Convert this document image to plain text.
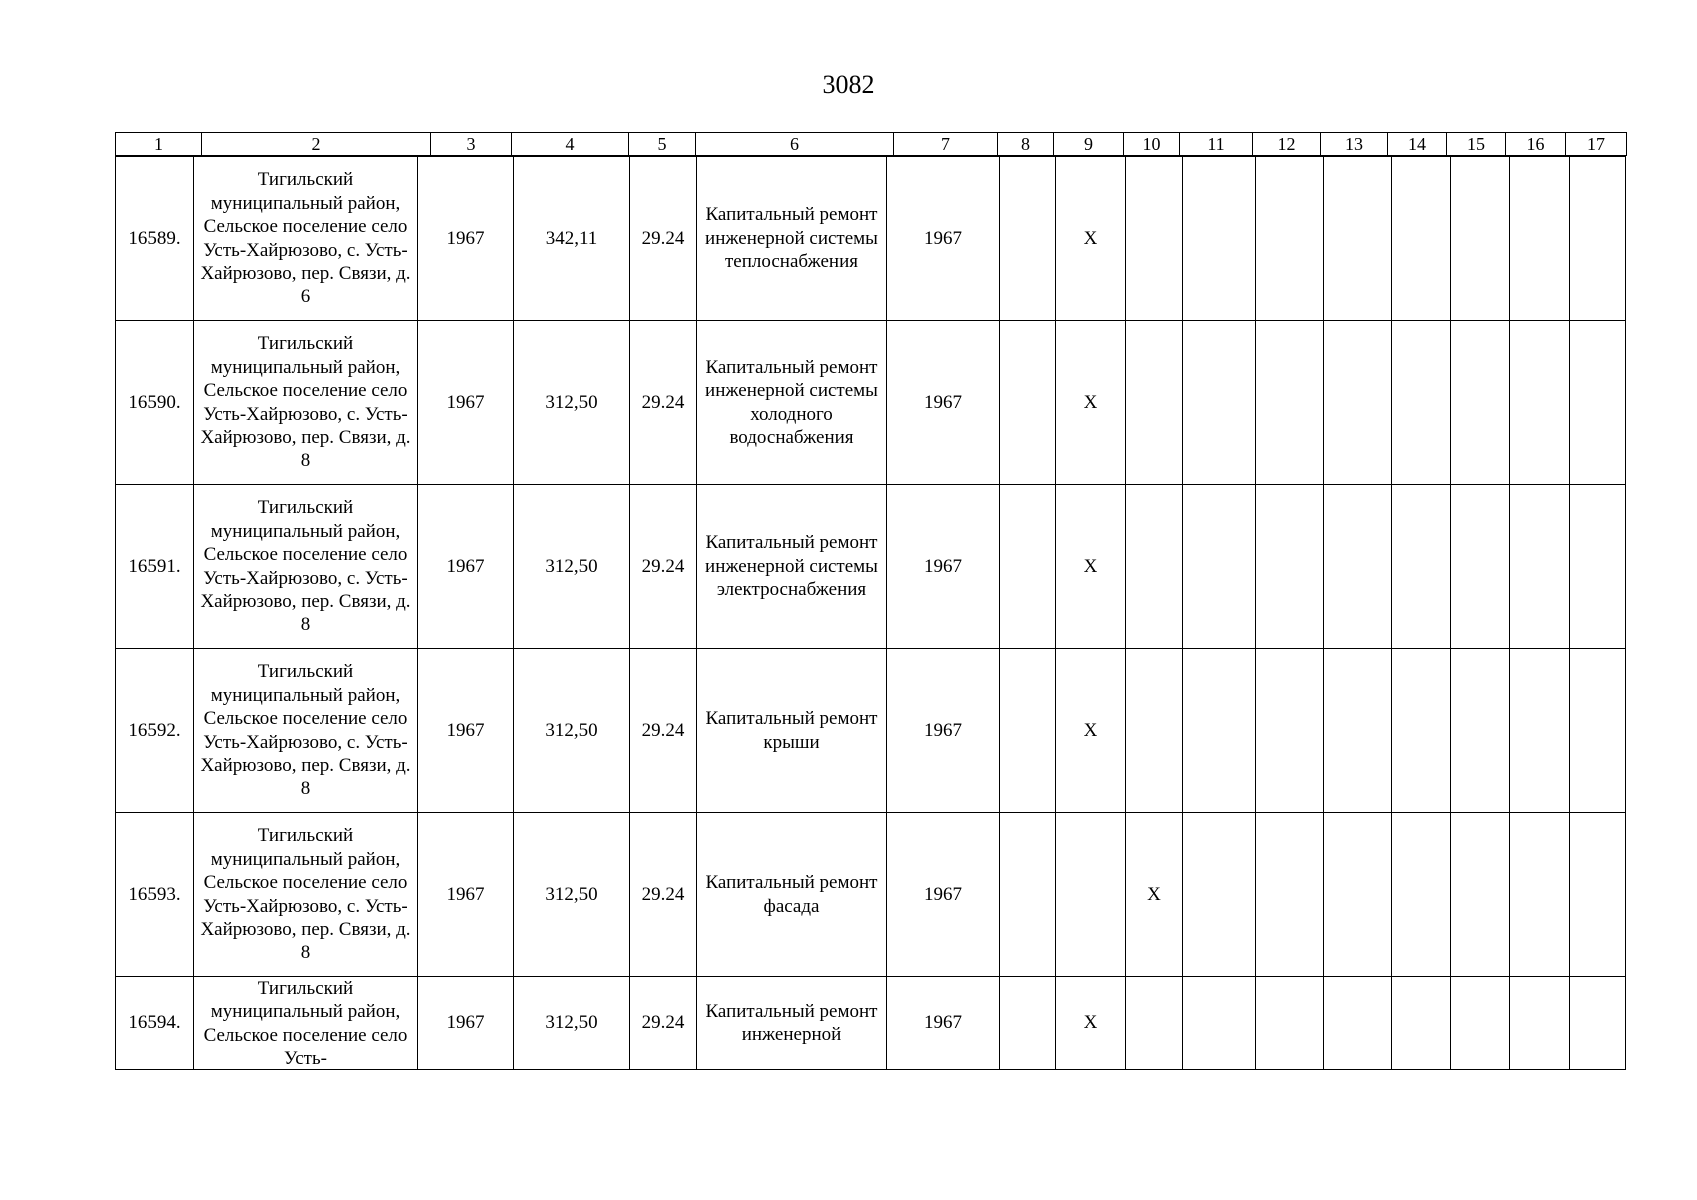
3082
1	2	3	4	5	6	7	8	9	10	11	12	13	14	15	16	17
16589.	Тигильский муниципальный район, Сельское поселение село Усть-Хайрюзово, с. Усть-Хайрюзово, пер. Связи, д. 6	1967	342,11	29.24	Капитальный ремонт инженерной системы теплоснабжения	1967		X								
16590.	Тигильский муниципальный район, Сельское поселение село Усть-Хайрюзово, с. Усть-Хайрюзово, пер. Связи, д. 8	1967	312,50	29.24	Капитальный ремонт инженерной системы холодного водоснабжения	1967		X								
16591.	Тигильский муниципальный район, Сельское поселение село Усть-Хайрюзово, с. Усть-Хайрюзово, пер. Связи, д. 8	1967	312,50	29.24	Капитальный ремонт инженерной системы электроснабжения	1967		X								
16592.	Тигильский муниципальный район, Сельское поселение село Усть-Хайрюзово, с. Усть-Хайрюзово, пер. Связи, д. 8	1967	312,50	29.24	Капитальный ремонт крыши	1967		X								
16593.	Тигильский муниципальный район, Сельское поселение село Усть-Хайрюзово, с. Усть-Хайрюзово, пер. Связи, д. 8	1967	312,50	29.24	Капитальный ремонт фасада	1967			X							
16594.	Тигильский муниципальный район, Сельское поселение село Усть-	1967	312,50	29.24	Капитальный ремонт инженерной	1967		X								
